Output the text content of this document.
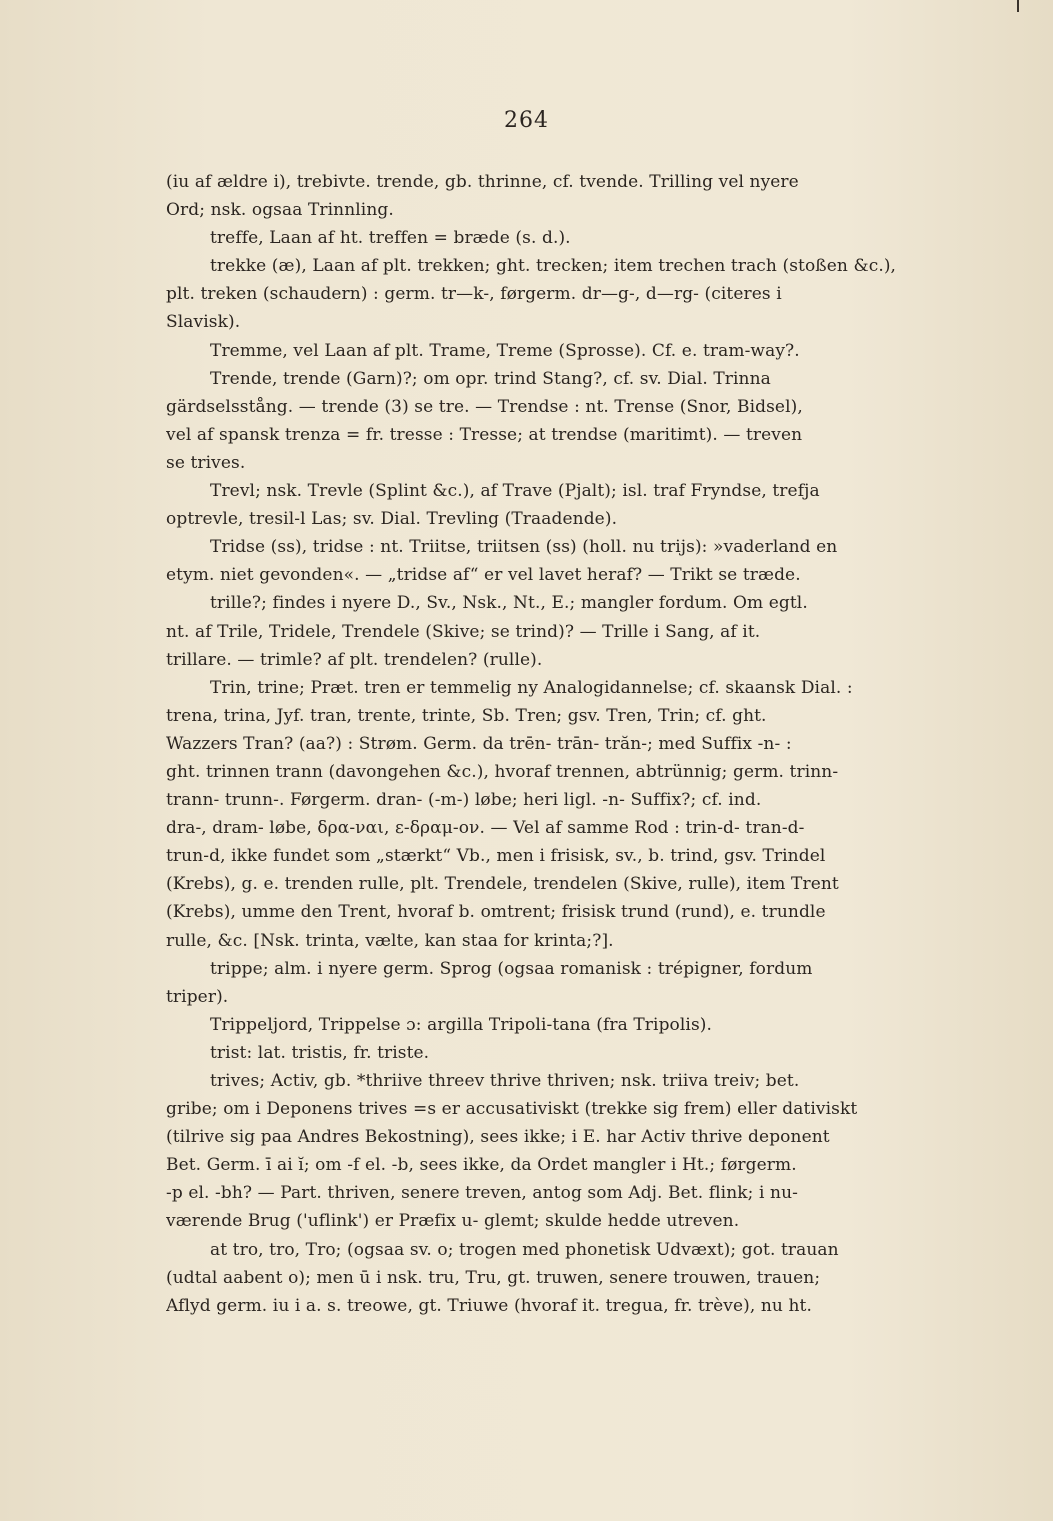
264
(iu af ældre i), trebivte. trende, gb. thrinne, cf. tvende. Trilling vel nyere
Ord; nsk. ogsaa Trinnling.
treffe, Laan af ht. treffen = bræde (s. d.).
trekke (æ), Laan af plt. trekken; ght. trecken; item trechen trach (stoßen &c.),
plt. treken (schaudern) : germ. tr—k-, førgerm. dr—g-, d—rg- (citeres i
Slavisk).
Tremme, vel Laan af plt. Trame, Treme (Sprosse). Cf. e. tram-way?.
Trende, trende (Garn)?; om opr. trind Stang?, cf. sv. Dial. Trinna
gärdselsstång. — trende (3) se tre. — Trendse : nt. Trense (Snor, Bidsel),
vel af spansk trenza = fr. tresse : Tresse; at trendse (maritimt). — treven
se trives.
Trevl; nsk. Trevle (Splint &c.), af Trave (Pjalt); isl. traf Fryndse, trefja
optrevle, tresil-l Las; sv. Dial. Trevling (Traadende).
Tridse (ss), tridse : nt. Triitse, triitsen (ss) (holl. nu trijs): »vaderland en
etym. niet gevonden«. — „tridse af“ er vel lavet heraf? — Trikt se træde.
trille?; findes i nyere D., Sv., Nsk., Nt., E.; mangler fordum. Om egtl.
nt. af Trile, Tridele, Trendele (Skive; se trind)? — Trille i Sang, af it.
trillare. — trimle? af plt. trendelen? (rulle).
Trin, trine; Præt. tren er temmelig ny Analogidannelse; cf. skaansk Dial. :
trena, trina, Jyf. tran, trente, trinte, Sb. Tren; gsv. Tren, Trin; cf. ght.
Wazzers Tran? (aa?) : Strøm. Germ. da trēn- trān- trăn-; med Suffix -n- :
ght. trinnen trann (davongehen &c.), hvoraf trennen, abtrünnig; germ. trinn-
trann- trunn-. Førgerm. dran- (-m-) løbe; heri ligl. -n- Suffix?; cf. ind.
dra-, dram- løbe, δρα-ναι, ε-δραμ-ον. — Vel af samme Rod : trin-d- tran-d-
trun-d, ikke fundet som „stærkt“ Vb., men i frisisk, sv., b. trind, gsv. Trindel
(Krebs), g. e. trenden rulle, plt. Trendele, trendelen (Skive, rulle), item Trent
(Krebs), umme den Trent, hvoraf b. omtrent; frisisk trund (rund), e. trundle
rulle, &c. [Nsk. trinta, vælte, kan staa for krinta;?].
trippe; alm. i nyere germ. Sprog (ogsaa romanisk : trépigner, fordum
triper).
Trippeljord, Trippelse ɔ: argilla Tripoli-tana (fra Tripolis).
trist: lat. tristis, fr. triste.
trives; Activ, gb. *thriive threev thrive thriven; nsk. triiva treiv; bet.
gribe; om i Deponens trives =s er accusativiskt (trekke sig frem) eller dativiskt
(tilrive sig paa Andres Bekostning), sees ikke; i E. har Activ thrive deponent
Bet. Germ. ī ai ĭ; om -f el. -b, sees ikke, da Ordet mangler i Ht.; førgerm.
-p el. -bh? — Part. thriven, senere treven, antog som Adj. Bet. flink; i nu-
værende Brug ('uflink') er Præfix u- glemt; skulde hedde utreven.
at tro, tro, Tro; (ogsaa sv. o; trogen med phonetisk Udvæxt); got. trauan
(udtal aabent o); men ū i nsk. tru, Tru, gt. truwen, senere trouwen, trauen;
Aflyd germ. iu i a. s. treowe, gt. Triuwe (hvoraf it. tregua, fr. trève), nu ht.
